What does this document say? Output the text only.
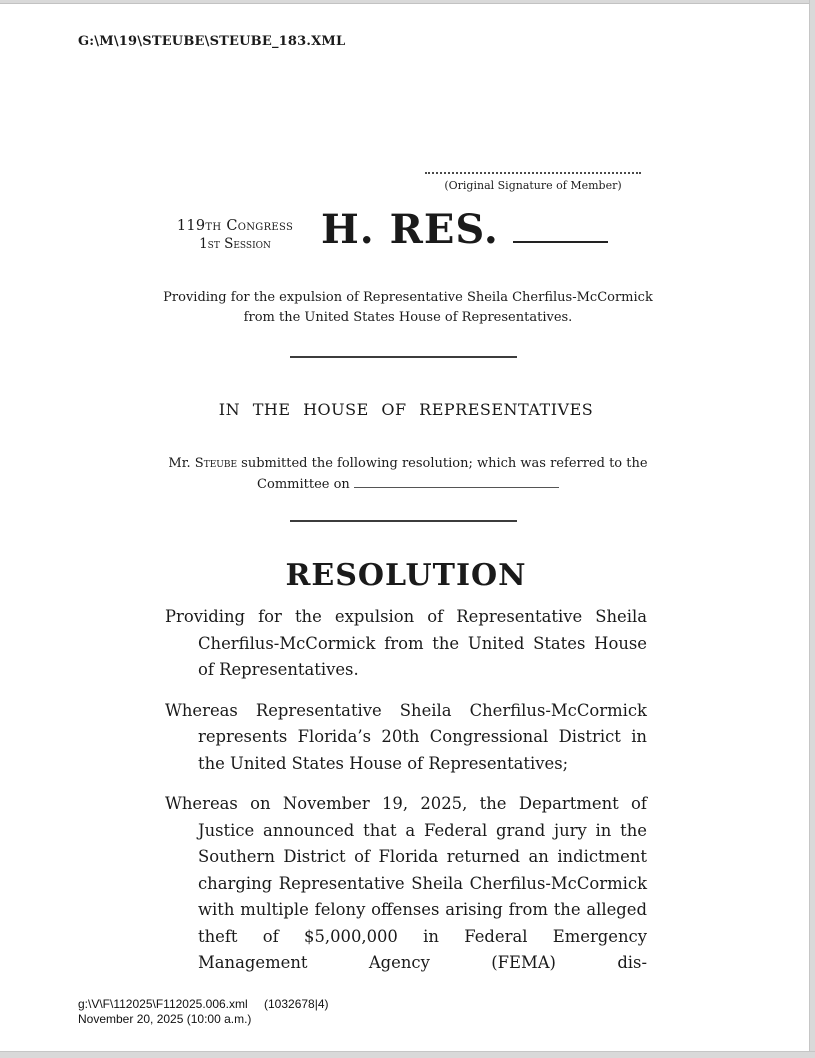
G:\M\19\STEUBE\STEUBE_183.XML
(Original Signature of Member)
119th Congress
1st Session	H. RES.
Providing for the expulsion of Representative Sheila Cherfilus-McCormick from the United States House of Representatives.
IN THE HOUSE OF REPRESENTATIVES
Mr. Steube submitted the following resolution; which was referred to the Committee on
RESOLUTION

Providing for the expulsion of Representative Sheila Cherfilus-McCormick from the United States House of Representatives.

Whereas Representative Sheila Cherfilus-McCormick represents Florida’s 20th Congressional District in the United States House of Representatives;

Whereas on November 19, 2025, the Department of Justice announced that a Federal grand jury in the Southern District of Florida returned an indictment charging Representative Sheila Cherfilus-McCormick with multiple felony offenses arising from the alleged theft of $5,000,000 in Federal Emergency Management Agency (FEMA) dis-

g:\V\F\112025\F112025.006.xml	(1032678|4)
November 20, 2025 (10:00 a.m.)
